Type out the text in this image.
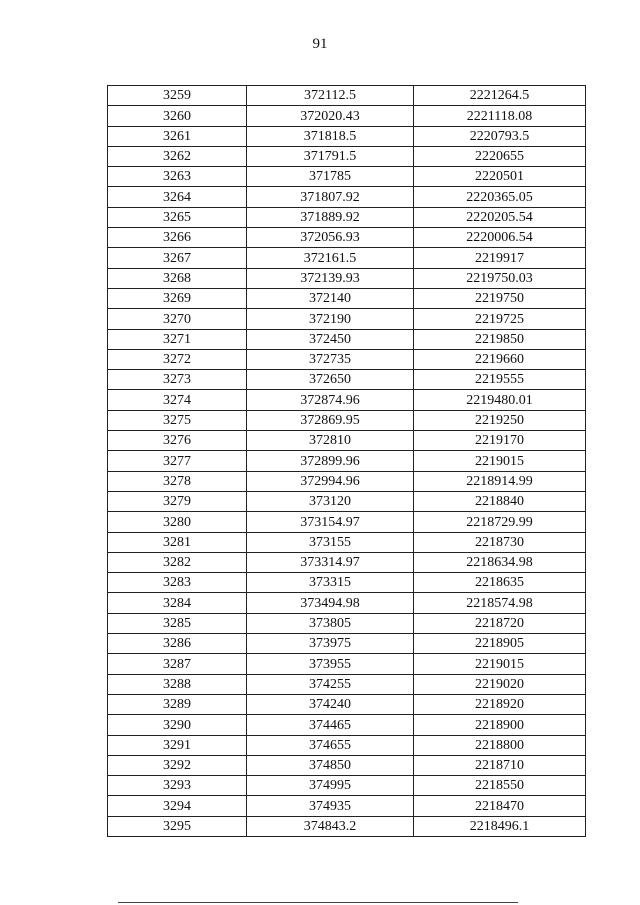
91
3259	372112.5	2221264.5
3260	372020.43	2221118.08
3261	371818.5	2220793.5
3262	371791.5	2220655
3263	371785	2220501
3264	371807.92	2220365.05
3265	371889.92	2220205.54
3266	372056.93	2220006.54
3267	372161.5	2219917
3268	372139.93	2219750.03
3269	372140	2219750
3270	372190	2219725
3271	372450	2219850
3272	372735	2219660
3273	372650	2219555
3274	372874.96	2219480.01
3275	372869.95	2219250
3276	372810	2219170
3277	372899.96	2219015
3278	372994.96	2218914.99
3279	373120	2218840
3280	373154.97	2218729.99
3281	373155	2218730
3282	373314.97	2218634.98
3283	373315	2218635
3284	373494.98	2218574.98
3285	373805	2218720
3286	373975	2218905
3287	373955	2219015
3288	374255	2219020
3289	374240	2218920
3290	374465	2218900
3291	374655	2218800
3292	374850	2218710
3293	374995	2218550
3294	374935	2218470
3295	374843.2	2218496.1
